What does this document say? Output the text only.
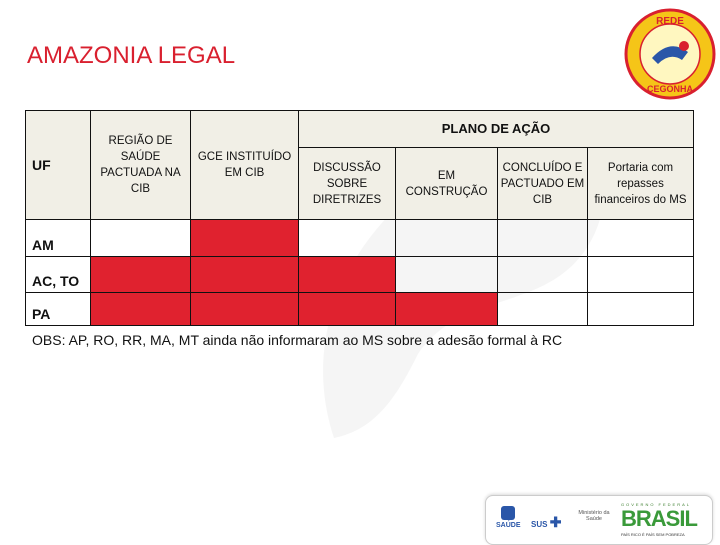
AMAZONIA LEGAL
REDE
CEGONHA
UF	REGIÃO DE SAÚDE PACTUADA NA CIB	GCE INSTITUÍDO EM CIB	PLANO DE AÇÃO			
			DISCUSSÃO SOBRE DIRETRIZES	EM CONSTRUÇÃO	CONCLUÍDO E PACTUADO EM CIB	Portaria com repasses financeiros do MS
AM						
AC, TO						
PA						
OBS: AP, RO, RR, MA, MT ainda não informaram ao MS sobre a adesão formal à RC
SAÚDE SUS ✚
Ministério da Saúde
GOVERNO FEDERAL
BRASIL
PAÍS RICO É PAÍS SEM POBREZA
